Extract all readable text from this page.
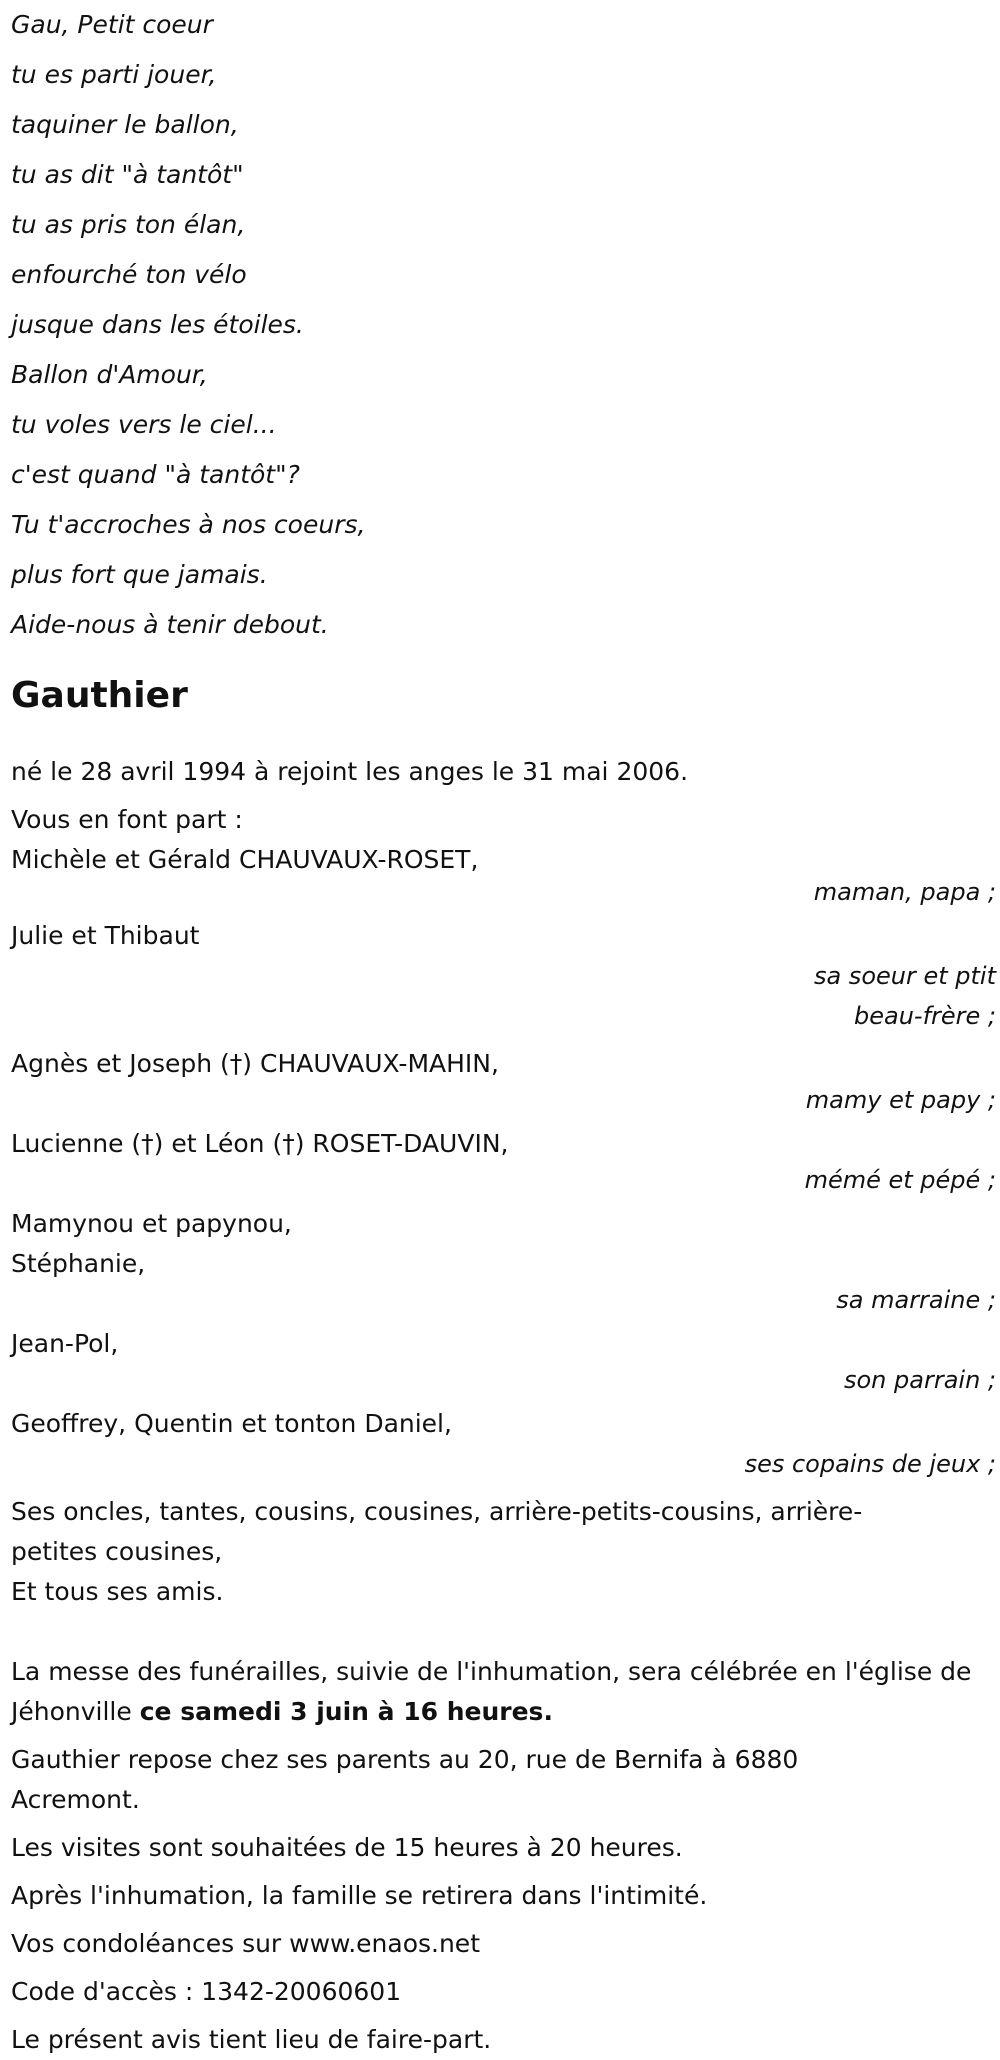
Gau, Petit coeur
tu es parti jouer,
taquiner le ballon,
tu as dit "à tantôt"
tu as pris ton élan,
enfourché ton vélo
jusque dans les étoiles.
Ballon d'Amour,
tu voles vers le ciel...
c'est quand "à tantôt"?
Tu t'accroches à nos coeurs,
plus fort que jamais.
Aide-nous à tenir debout.
Gauthier

né le 28 avril 1994 à rejoint les anges le 31 mai 2006.

Vous en font part :

Michèle et Gérald CHAUVAUX-ROSET,
maman, papa ;
Julie et Thibaut
sa soeur et ptit beau-frère ;
Agnès et Joseph (†) CHAUVAUX-MAHIN,
mamy et papy ;
Lucienne (†) et Léon (†) ROSET-DAUVIN,
mémé et pépé ;
Mamynou et papynou,
Stéphanie,
sa marraine ;
Jean-Pol,
son parrain ;
Geoffrey, Quentin et tonton Daniel,
ses copains de jeux ;
Ses oncles, tantes, cousins, cousines, arrière-petits-cousins, arrière-petites cousines,
Et tous ses amis.
La messe des funérailles, suivie de l'inhumation, sera célébrée en l'église de Jéhonville ce samedi 3 juin à 16 heures.
Gauthier repose chez ses parents au 20, rue de Bernifa à 6880 Acremont.
Les visites sont souhaitées de 15 heures à 20 heures.
Après l'inhumation, la famille se retirera dans l'intimité.
Vos condoléances sur www.enaos.net
Code d'accès : 1342-20060601
Le présent avis tient lieu de faire-part.
